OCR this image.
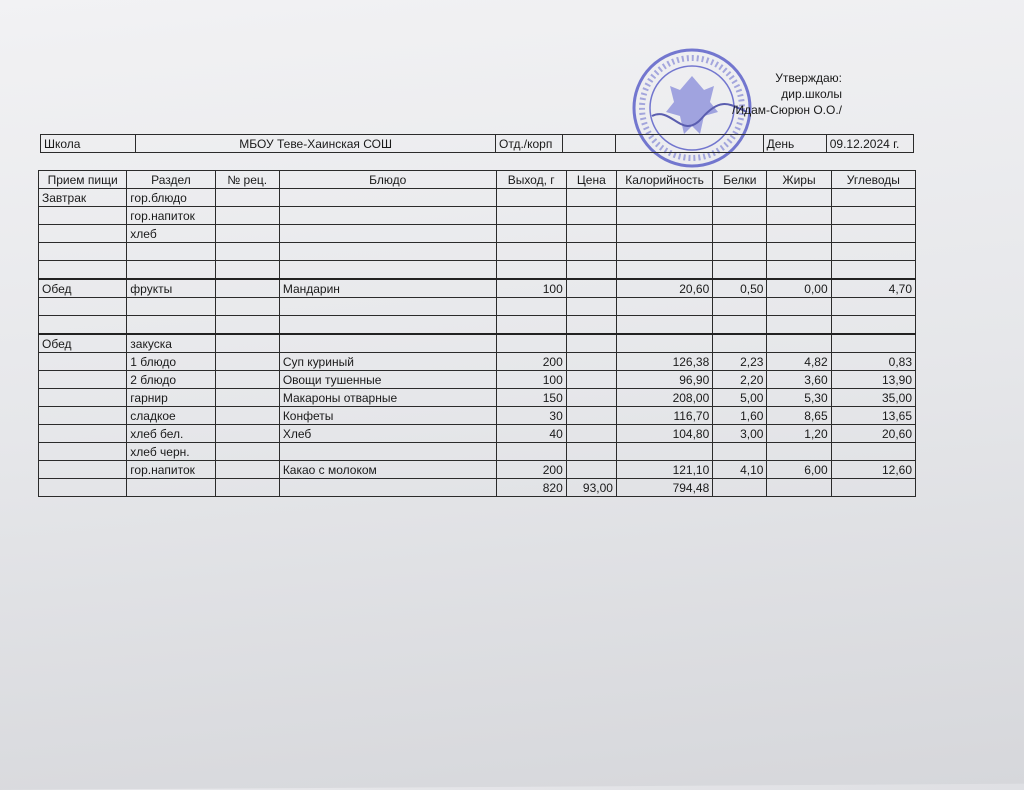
Утверждаю:
дир.школы
/Идам-Сюрюн О.О./
Школа	МБОУ Теве-Хаинская СОШ	Отд./корп			День	09.12.2024 г.
Прием пищи	Раздел	№ рец.	Блюдо	Выход, г	Цена	Калорийность	Белки	Жиры	Углеводы
Завтрак	гор.блюдо								
	гор.напиток								
	хлеб								

Обед	фрукты		Мандарин	100		20,60	0,50	0,00	4,70

Обед	закуска								
	1 блюдо		Суп куриный	200		126,38	2,23	4,82	0,83
	2 блюдо		Овощи тушенные	100		96,90	2,20	3,60	13,90
	гарнир		Макароны отварные	150		208,00	5,00	5,30	35,00
	сладкое		Конфеты	30		116,70	1,60	8,65	13,65
	хлеб бел.		Хлеб	40		104,80	3,00	1,20	20,60
	хлеб черн.								
	гор.напиток		Какао с молоком	200		121,10	4,10	6,00	12,60
				820	93,00	794,48			
